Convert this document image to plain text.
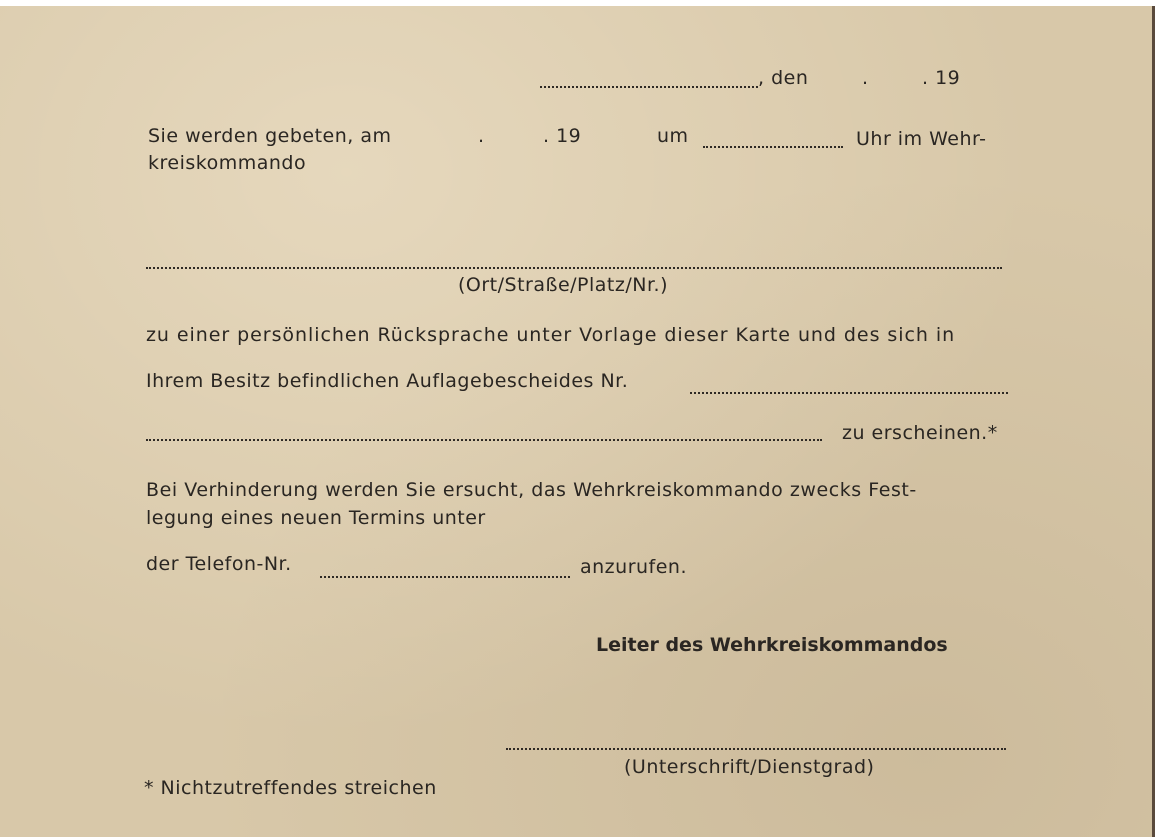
, den	.	. 19
Sie werden gebeten, am	.	. 19	um	Uhr im Wehr-
kreiskommando
(Ort/Straße/Platz/Nr.)
zu einer persönlichen Rücksprache unter Vorlage dieser Karte und des sich in
Ihrem Besitz befindlichen Auflagebescheides Nr.
zu erscheinen.*
Bei Verhinderung werden Sie ersucht, das Wehrkreiskommando zwecks Fest-
legung eines neuen Termins unter
der Telefon-Nr.	anzurufen.
Leiter des Wehrkreiskommandos
(Unterschrift/Dienstgrad)
* Nichtzutreffendes streichen
